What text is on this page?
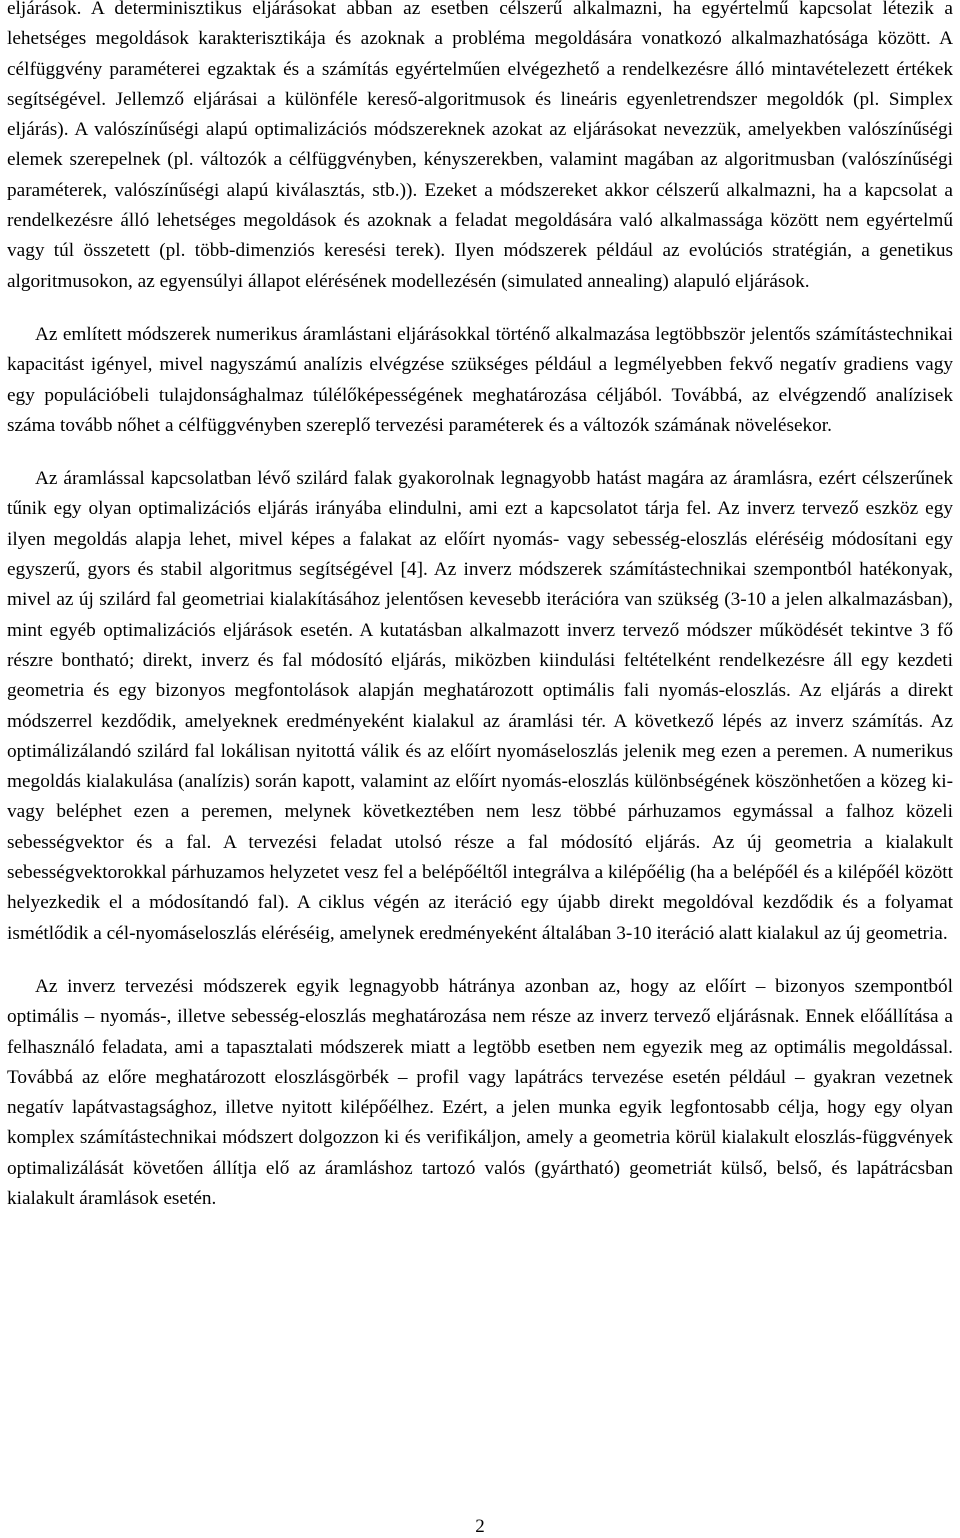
eljárások. A determinisztikus eljárásokat abban az esetben célszerű alkalmazni, ha egyértelmű kapcsolat létezik a lehetséges megoldások karakterisztikája és azoknak a probléma megoldására vonatkozó alkalmazhatósága között. A célfüggvény paraméterei egzaktak és a számítás egyértelműen elvégezhető a rendelkezésre álló mintavételezett értékek segítségével. Jellemző eljárásai a különféle kereső-algoritmusok és lineáris egyenletrendszer megoldók (pl. Simplex eljárás). A valószínűségi alapú optimalizációs módszereknek azokat az eljárásokat nevezzük, amelyekben valószínűségi elemek szerepelnek (pl. változók a célfüggvényben, kényszerekben, valamint magában az algoritmusban (valószínűségi paraméterek, valószínűségi alapú kiválasztás, stb.)). Ezeket a módszereket akkor célszerű alkalmazni, ha a kapcsolat a rendelkezésre álló lehetséges megoldások és azoknak a feladat megoldására való alkalmassága között nem egyértelmű vagy túl összetett (pl. több-dimenziós keresési terek). Ilyen módszerek például az evolúciós stratégián, a genetikus algoritmusokon, az egyensúlyi állapot elérésének modellezésén (simulated annealing) alapuló eljárások.

Az említett módszerek numerikus áramlástani eljárásokkal történő alkalmazása legtöbbször jelentős számítástechnikai kapacitást igényel, mivel nagyszámú analízis elvégzése szükséges például a legmélyebben fekvő negatív gradiens vagy egy populációbeli tulajdonsághalmaz túlélőképességének meghatározása céljából. Továbbá, az elvégzendő analízisek száma tovább nőhet a célfüggvényben szereplő tervezési paraméterek és a változók számának növelésekor.

Az áramlással kapcsolatban lévő szilárd falak gyakorolnak legnagyobb hatást magára az áramlásra, ezért célszerűnek tűnik egy olyan optimalizációs eljárás irányába elindulni, ami ezt a kapcsolatot tárja fel. Az inverz tervező eszköz egy ilyen megoldás alapja lehet, mivel képes a falakat az előírt nyomás- vagy sebesség-eloszlás eléréséig módosítani egy egyszerű, gyors és stabil algoritmus segítségével [4]. Az inverz módszerek számítástechnikai szempontból hatékonyak, mivel az új szilárd fal geometriai kialakításához jelentősen kevesebb iterációra van szükség (3-10 a jelen alkalmazásban), mint egyéb optimalizációs eljárások esetén. A kutatásban alkalmazott inverz tervező módszer működését tekintve 3 fő részre bontható; direkt, inverz és fal módosító eljárás, miközben kiindulási feltételként rendelkezésre áll egy kezdeti geometria és egy bizonyos megfontolások alapján meghatározott optimális fali nyomás-eloszlás. Az eljárás a direkt módszerrel kezdődik, amelyeknek eredményeként kialakul az áramlási tér. A következő lépés az inverz számítás. Az optimálizálandó szilárd fal lokálisan nyitottá válik és az előírt nyomáseloszlás jelenik meg ezen a peremen. A numerikus megoldás kialakulása (analízis) során kapott, valamint az előírt nyomás-eloszlás különbségének köszönhetően a közeg ki- vagy beléphet ezen a peremen, melynek következtében nem lesz többé párhuzamos egymással a falhoz közeli sebességvektor és a fal. A tervezési feladat utolsó része a fal módosító eljárás. Az új geometria a kialakult sebességvektorokkal párhuzamos helyzetet vesz fel a belépőéltől integrálva a kilépőélig (ha a belépőél és a kilépőél között helyezkedik el a módosítandó fal). A ciklus végén az iteráció egy újabb direkt megoldóval kezdődik és a folyamat ismétlődik a cél-nyomáseloszlás eléréséig, amelynek eredményeként általában 3-10 iteráció alatt kialakul az új geometria.

Az inverz tervezési módszerek egyik legnagyobb hátránya azonban az, hogy az előírt – bizonyos szempontból optimális – nyomás-, illetve sebesség-eloszlás meghatározása nem része az inverz tervező eljárásnak. Ennek előállítása a felhasználó feladata, ami a tapasztalati módszerek miatt a legtöbb esetben nem egyezik meg az optimális megoldással. Továbbá az előre meghatározott eloszlásgörbék – profil vagy lapátrács tervezése esetén például – gyakran vezetnek negatív lapátvastagsághoz, illetve nyitott kilépőélhez. Ezért, a jelen munka egyik legfontosabb célja, hogy egy olyan komplex számítástechnikai módszert dolgozzon ki és verifikáljon, amely a geometria körül kialakult eloszlás-függvények optimalizálását követően állítja elő az áramláshoz tartozó valós (gyártható) geometriát külső, belső, és lapátrácsban kialakult áramlások esetén.

2
